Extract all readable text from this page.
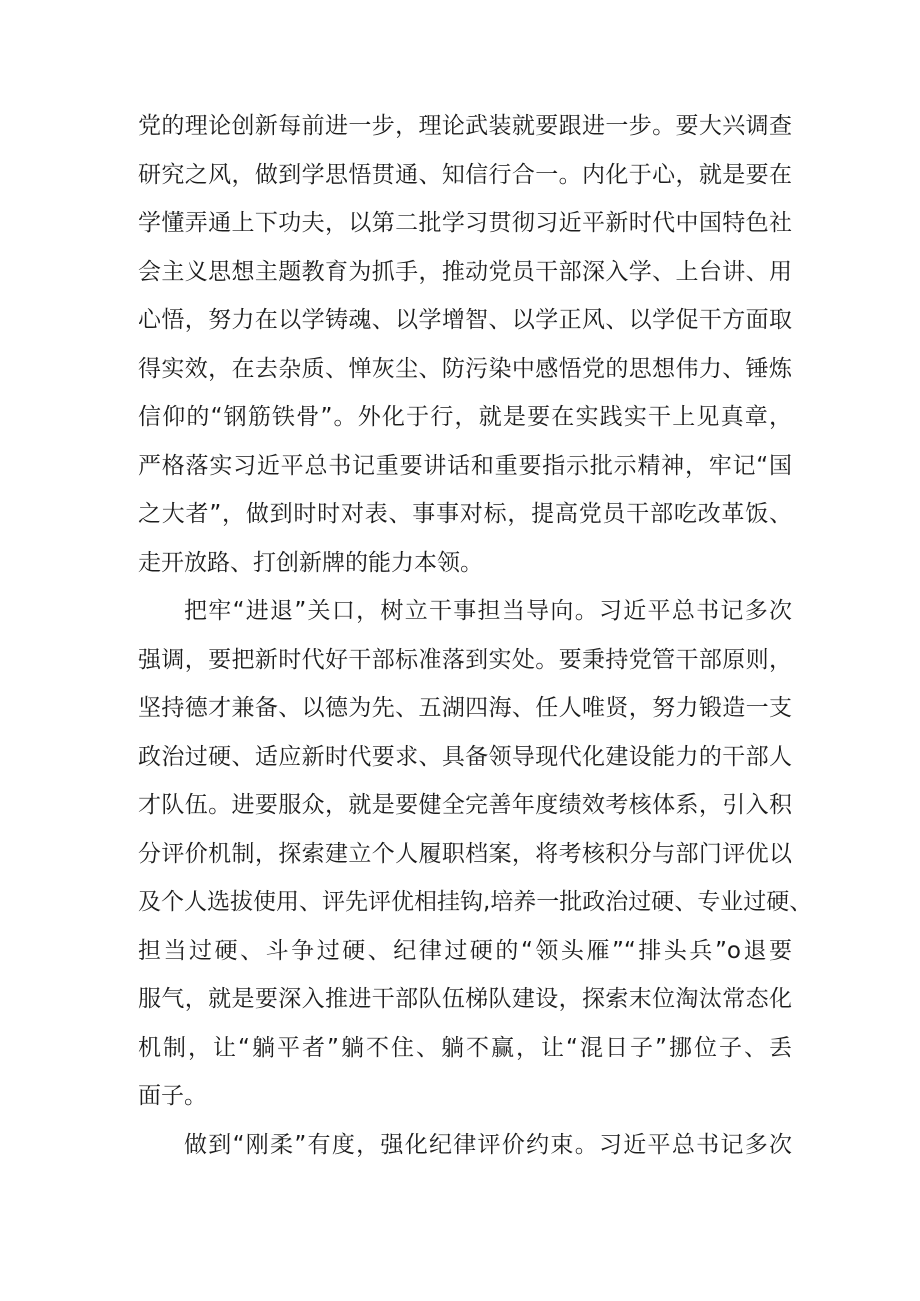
党的理论创新每前进一步，理论武装就要跟进一步。要大兴调查
研究之风，做到学思悟贯通、知信行合一。内化于心，就是要在
学懂弄通上下功夫，以第二批学习贯彻习近平新时代中国特色社
会主义思想主题教育为抓手，推动党员干部深入学、上台讲、用
心悟，努力在以学铸魂、以学增智、以学正风、以学促干方面取
得实效，在去杂质、惮灰尘、防污染中感悟党的思想伟力、锤炼
信仰的“钢筋铁骨”。外化于行，就是要在实践实干上见真章，
严格落实习近平总书记重要讲话和重要指示批示精神，牢记“国
之大者”，做到时时对表、事事对标，提高党员干部吃改革饭、
走开放路、打创新牌的能力本领。
把牢“进退”关口，树立干事担当导向。习近平总书记多次
强调，要把新时代好干部标准落到实处。要秉持党管干部原则，
坚持德才兼备、以德为先、五湖四海、任人唯贤，努力锻造一支
政治过硬、适应新时代要求、具备领导现代化建设能力的干部人
才队伍。进要服众，就是要健全完善年度绩效考核体系，引入积
分评价机制，探索建立个人履职档案，将考核积分与部门评优以
及个人选拔使用、评先评优相挂钩,培养一批政治过硬、专业过硬、
担当过硬、斗争过硬、纪律过硬的“领头雁”“排头兵”o退要
服气，就是要深入推进干部队伍梯队建设，探索末位淘汰常态化
机制，让“躺平者”躺不住、躺不赢，让“混日子”挪位子、丢
面子。
做到“刚柔”有度，强化纪律评价约束。习近平总书记多次
